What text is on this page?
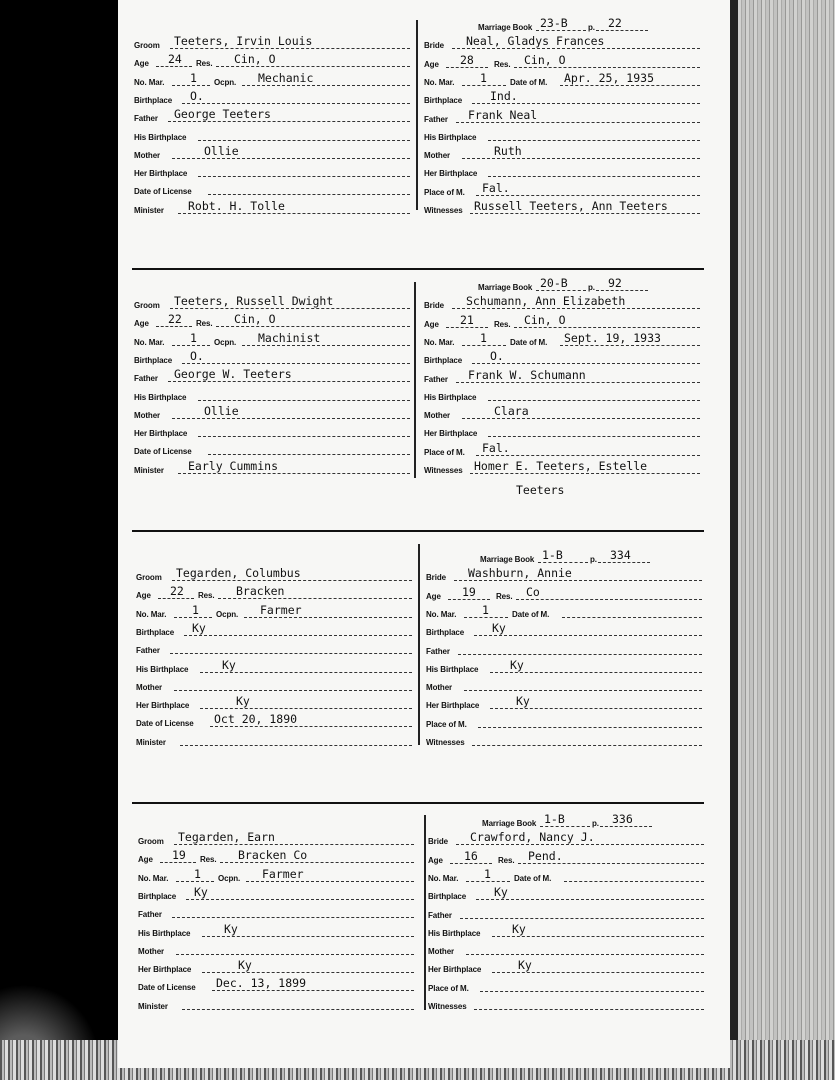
Groom Teeters, Irvin Louis
Age 24 Res. Cin, O
No. Mar. 1 Ocpn. Mechanic
Birthplace O.
Father George Teeters
His Birthplace
Mother	Ollie
Her Birthplace
Date of License
Minister Robt. H. Tolle
Marriage Book 23-B	p. 22
Bride Neal, Gladys Frances
Age 28	Res. Cin, O
No. Mar. 1	Date of M. Apr. 25, 1935
Birthplace Ind.
Father Frank Neal
His Birthplace
Mother	Ruth
Her Birthplace
Place of M. Fal.
Witnesses Russell Teeters, Ann Teeters
Groom Teeters, Russell Dwight
Age 22 Res. Cin, O
No. Mar. 1 Ocpn. Machinist
Birthplace O.
Father George W. Teeters
His Birthplace
Mother	Ollie
Her Birthplace
Date of License
Minister Early Cummins
Marriage Book 20-B	p. 92
Bride Schumann, Ann Elizabeth
Age 21	Res. Cin, O
No. Mar. 1	Date of M. Sept. 19, 1933
Birthplace O.
Father Frank W. Schumann
His Birthplace
Mother	Clara
Her Birthplace
Place of M. Fal.
Witnesses Homer E. Teeters, Estelle
Teeters
Groom Tegarden, Columbus
Age 22 Res. Bracken
No. Mar. 1 Ocpn. Farmer
Birthplace Ky
Father
His Birthplace	Ky
Mother
Her Birthplace	Ky
Date of License Oct 20, 1890
Minister
Marriage Book 1-B	p. 334
Bride Washburn, Annie
Age 19	Res. Co
No. Mar. 1	Date of M.
Birthplace Ky
Father
His Birthplace	Ky
Mother
Her Birthplace	Ky
Place of M.
Witnesses
Groom Tegarden, Earn
Age 19 Res. Bracken Co
No. Mar. 1 Ocpn. Farmer
Birthplace Ky
Father
His Birthplace	Ky
Mother
Her Birthplace	Ky
Date of License Dec. 13, 1899
Minister
Marriage Book 1-B	p. 336
Bride Crawford, Nancy J.
Age 16	Res. Pend.
No. Mar. 1	Date of M.
Birthplace Ky
Father
His Birthplace	Ky
Mother
Her Birthplace	Ky
Place of M.
Witnesses
